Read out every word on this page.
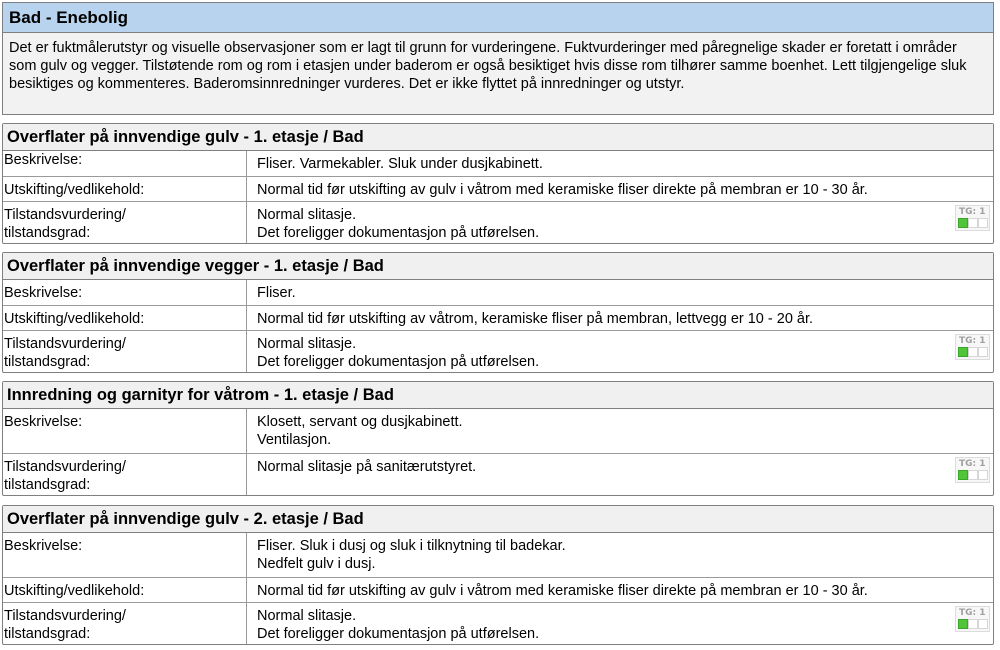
Bad - Enebolig
Det er fuktmålerutstyr og visuelle observasjoner som er lagt til grunn for vurderingene. Fuktvurderinger med påregnelige skader er foretatt i områder som gulv og vegger. Tilstøtende rom og rom i etasjen under baderom er også besiktiget hvis disse rom tilhører samme boenhet. Lett tilgjengelige sluk besiktiges og kommenteres. Baderomsinnredninger vurderes. Det er ikke flyttet på innredninger og utstyr.
Overflater på innvendige gulv - 1. etasje / Bad
Beskrivelse:	Fliser. Varmekabler. Sluk under dusjkabinett.

Utskifting/vedlikehold:	Normal tid før utskifting av gulv i våtrom med keramiske fliser direkte på membran er 10 - 30 år.

Tilstandsvurdering/
tilstandsgrad:	Normal slitasje.
Det foreligger dokumentasjon på utførelsen.
TG: 1
Overflater på innvendige vegger - 1. etasje / Bad
Beskrivelse:	Fliser.

Utskifting/vedlikehold:	Normal tid før utskifting av våtrom, keramiske fliser på membran, lettvegg er 10 - 20 år.

Tilstandsvurdering/
tilstandsgrad:	Normal slitasje.
Det foreligger dokumentasjon på utførelsen.
TG: 1
Innredning og garnityr for våtrom - 1. etasje / Bad
Beskrivelse:	Klosett, servant og dusjkabinett.
Ventilasjon.

Tilstandsvurdering/
tilstandsgrad:	Normal slitasje på sanitærutstyret. TG: 1
Overflater på innvendige gulv - 2. etasje / Bad
Beskrivelse:	Fliser. Sluk i dusj og sluk i tilknytning til badekar.
Nedfelt gulv i dusj.

Utskifting/vedlikehold:	Normal tid før utskifting av gulv i våtrom med keramiske fliser direkte på membran er 10 - 30 år.

Tilstandsvurdering/
tilstandsgrad:	Normal slitasje.
Det foreligger dokumentasjon på utførelsen.
TG: 1
